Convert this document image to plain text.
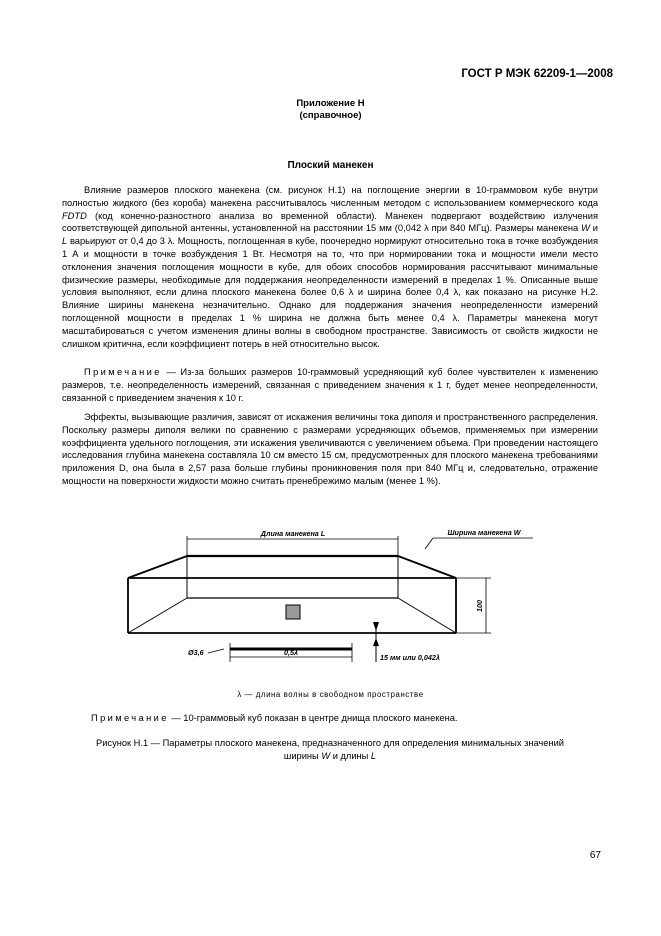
ГОСТ Р МЭК 62209-1—2008
Приложение Н
(справочное)
Плоский манекен

Влияние размеров плоского манекена (см. рисунок Н.1) на поглощение энергии в 10-граммовом кубе внутри полностью жидкого (без короба) манекена рассчитывалось численным методом с использованием коммерческого кода FDTD (код конечно-разностного анализа во временной области). Манекен подвергают воздействию излучения соответствующей дипольной антенны, установленной на расстоянии 15 мм (0,042 λ при 840 МГц). Размеры манекена W и L варьируют от 0,4 до 3 λ. Мощность, поглощенная в кубе, поочередно нормируют относительно тока в точке возбуждения 1 А и мощности в точке возбуждения 1 Вт. Несмотря на то, что при нормировании тока и мощности имели место отклонения значения поглощения мощности в кубе, для обоих способов нормирования рассчитывают минимальные физические размеры, необходимые для поддержания неопределенности измерений в пределах 1 %. Описанные выше условия выполняют, если длина плоского манекена более 0,6 λ и ширина более 0,4 λ, как показано на рисунке Н.2. Влияние ширины манекена незначительно. Однако для поддержания значения неопределенности измерений поглощенной мощности в пределах 1 % ширина не должна быть менее 0,4 λ. Параметры манекена могут масштабироваться с учетом изменения длины волны в свободном пространстве. Зависимость от свойств жидкости не слишком критична, если коэффициент потерь в ней относительно высок.

Примечание — Из-за больших размеров 10-граммовый усредняющий куб более чувствителен к изменению размеров, т.е. неопределенность измерений, связанная с приведением значения к 1 г, будет менее неопределенности, связанной с приведением значения к 10 г.

Эффекты, вызывающие различия, зависят от искажения величины тока диполя и пространственного распределения. Поскольку размеры диполя велики по сравнению с размерами усредняющих объемов, применяемых при измерении коэффициента удельного поглощения, эти искажения увеличиваются с увеличением объема. При проведении настоящего исследования глубина манекена составляла 10 см вместо 15 см, предусмотренных для плоского манекена требованиями приложения D, она была в 2,57 раза больше глубины проникновения поля при 840 МГц и, следовательно, отражение мощности на поверхности жидкости можно считать пренебрежимо малым (менее 1 %).

Длина манекена L	Ширина манекена W
100
Ø3,6	0,5λ
15 мм или 0,042λ
λ — длина волны в свободном пространстве
Примечание — 10-граммовый куб показан в центре днища плоского манекена.
Рисунок Н.1 — Параметры плоского манекена, предназначенного для определения минимальных значений
ширины W и длины L
67
